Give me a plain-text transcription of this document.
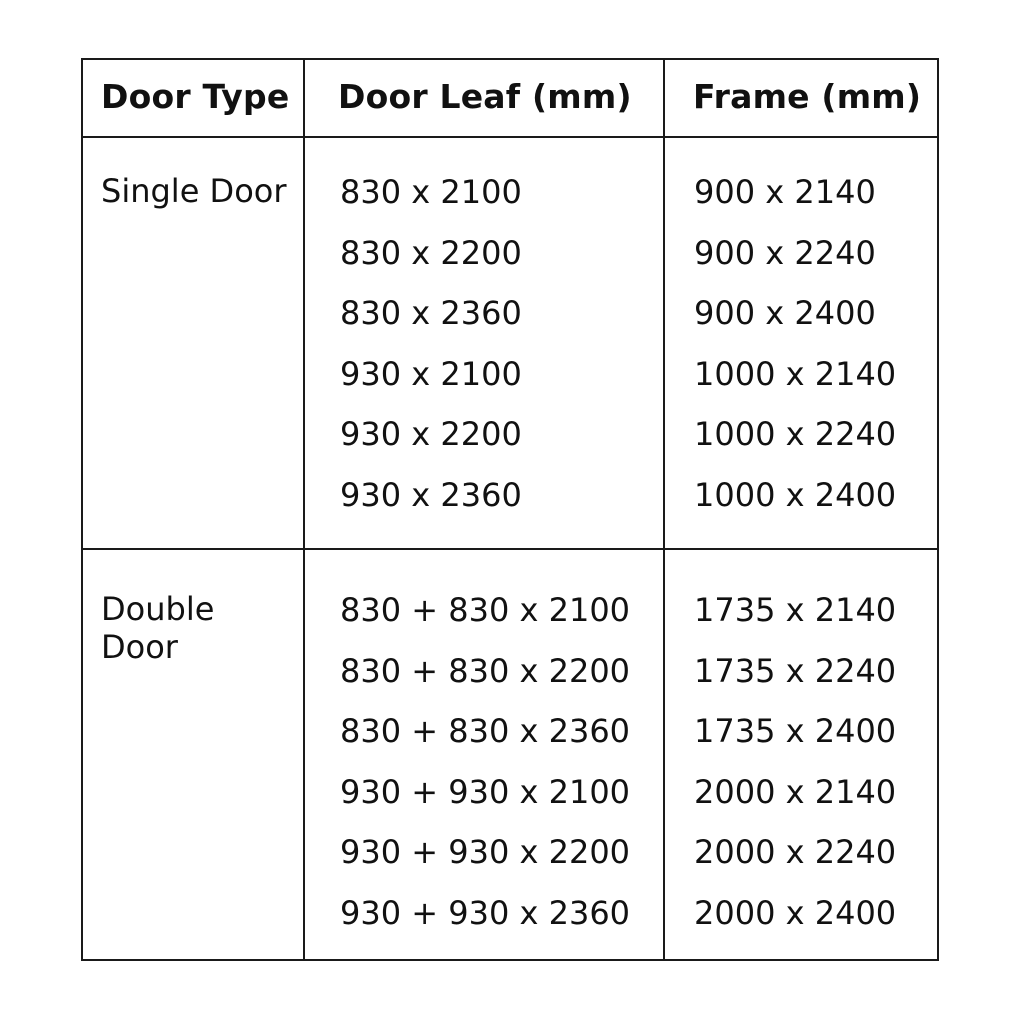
Door Type Door Leaf (mm) Frame (mm)
Single Door 830 x 2100
830 x 2200
830 x 2360
930 x 2100
930 x 2200
930 x 2360
900 x 2140
900 x 2240
900 x 2400
1000 x 2140
1000 x 2240
1000 x 2400
Double Door
830 + 830 x 2100
830 + 830 x 2200
830 + 830 x 2360
930 + 930 x 2100
930 + 930 x 2200
930 + 930 x 2360
1735 x 2140
1735 x 2240
1735 x 2400
2000 x 2140
2000 x 2240
2000 x 2400
